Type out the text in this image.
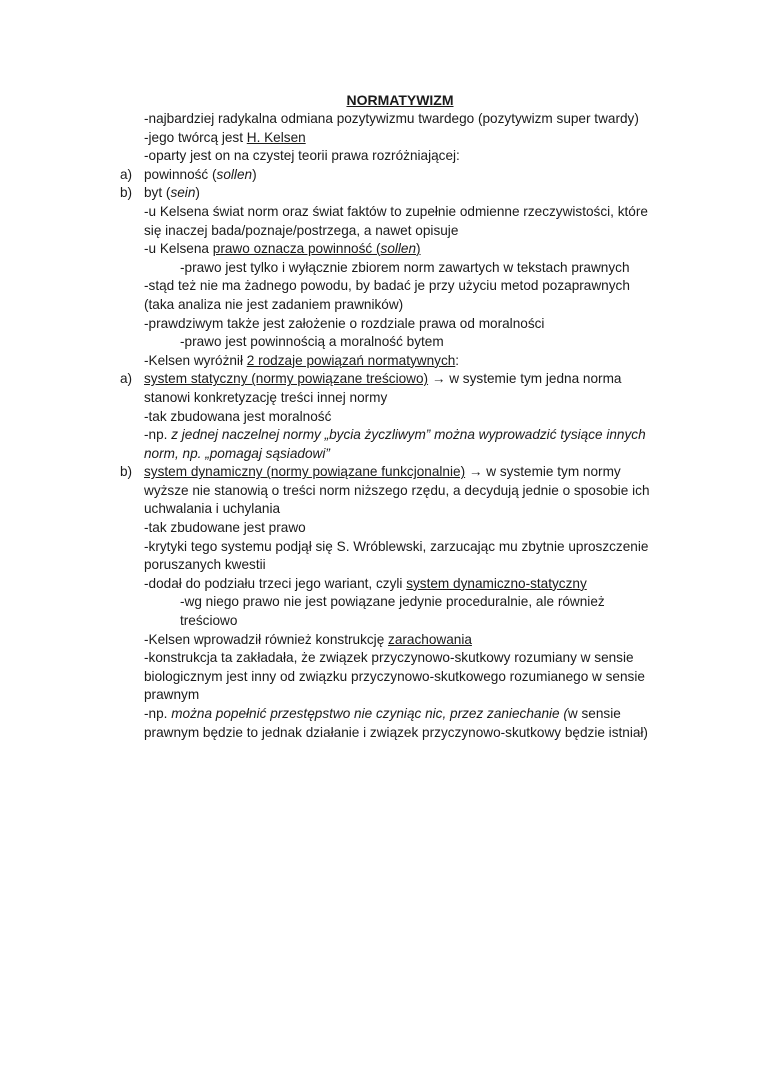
NORMATYWIZM
-najbardziej radykalna odmiana pozytywizmu twardego (pozytywizm super twardy)
-jego twórcą jest H. Kelsen
-oparty jest on na czystej teorii prawa rozróżniającej:
a) powinność (sollen)
b) byt (sein)
-u Kelsena świat norm oraz świat faktów to zupełnie odmienne rzeczywistości, które się inaczej bada/poznaje/postrzega, a nawet opisuje
-u Kelsena prawo oznacza powinność (sollen)
-prawo jest tylko i wyłącznie zbiorem norm zawartych w tekstach prawnych
-stąd też nie ma żadnego powodu, by badać je przy użyciu metod pozaprawnych (taka analiza nie jest zadaniem prawników)
-prawdziwym także jest założenie o rozdziale prawa od moralności
-prawo jest powinnością a moralność bytem
-Kelsen wyróżnił 2 rodzaje powiązań normatywnych:
a) system statyczny (normy powiązane treściowo) → w systemie tym jedna norma stanowi konkretyzację treści innej normy
-tak zbudowana jest moralność
-np. z jednej naczelnej normy „bycia życzliwym” można wyprowadzić tysiące innych norm, np. „pomagaj sąsiadowi”
b) system dynamiczny (normy powiązane funkcjonalnie) → w systemie tym normy wyższe nie stanowią o treści norm niższego rzędu, a decydują jednie o sposobie ich uchwalania i uchylania
-tak zbudowane jest prawo
-krytyki tego systemu podjął się S. Wróblewski, zarzucając mu zbytnie uproszczenie poruszanych kwestii
-dodał do podziału trzeci jego wariant, czyli system dynamiczno-statyczny
-wg niego prawo nie jest powiązane jedynie proceduralnie, ale również treściowo
-Kelsen wprowadził również konstrukcję zarachowania
-konstrukcja ta zakładała, że związek przyczynowo-skutkowy rozumiany w sensie biologicznym jest inny od związku przyczynowo-skutkowego rozumianego w sensie prawnym
-np. można popełnić przestępstwo nie czyniąc nic, przez zaniechanie (w sensie prawnym będzie to jednak działanie i związek przyczynowo-skutkowy będzie istniał)
